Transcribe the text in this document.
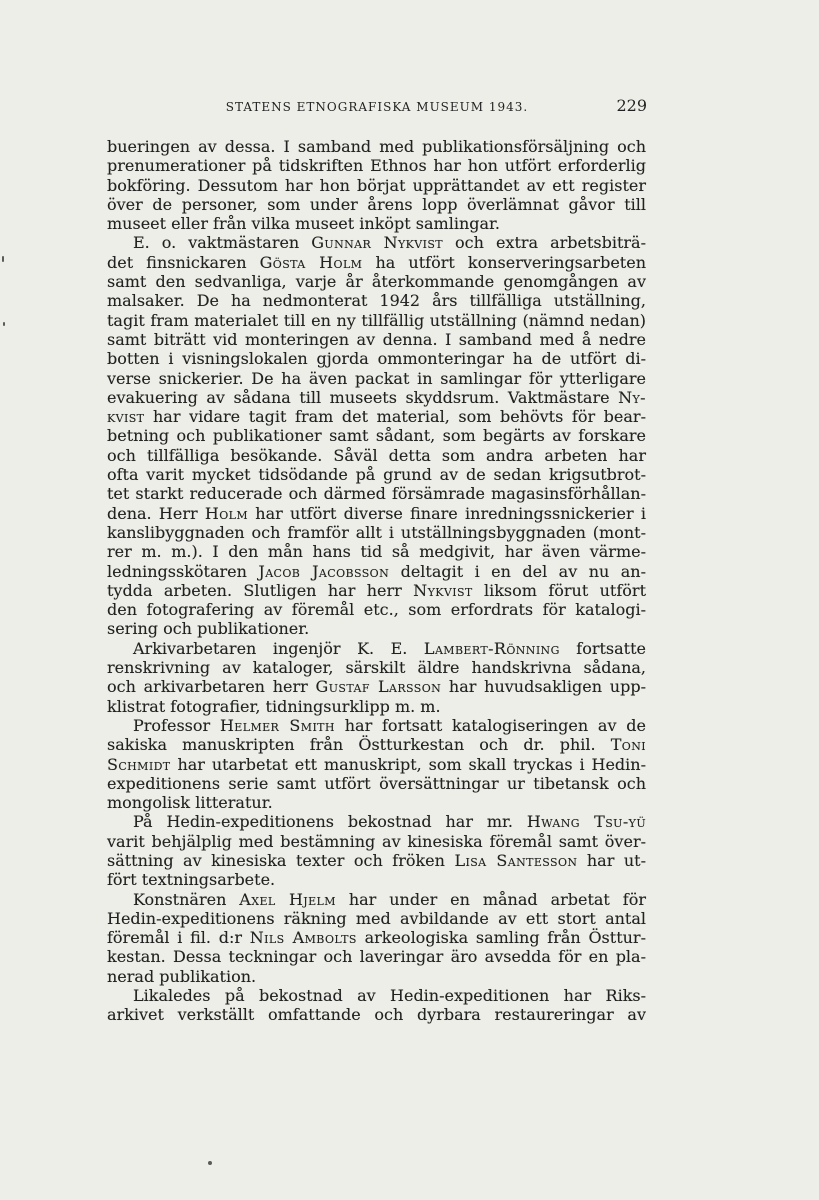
STATENS ETNOGRAFISKA MUSEUM 1943.	229
bueringen av dessa. I samband med publikationsförsäljning och
prenumerationer på tidskriften Ethnos har hon utfört erforderlig
bokföring. Dessutom har hon börjat upprättandet av ett register
över de personer, som under årens lopp överlämnat gåvor till
museet eller från vilka museet inköpt samlingar.
E. o. vaktmästaren Gunnar Nykvist och extra arbetsbiträ-
det finsnickaren Gösta Holm ha utfört konserveringsarbeten
samt den sedvanliga, varje år återkommande genomgången av
malsaker. De ha nedmonterat 1942 års tillfälliga utställning,
tagit fram materialet till en ny tillfällig utställning (nämnd nedan)
samt biträtt vid monteringen av denna. I samband med å nedre
botten i visningslokalen gjorda ommonteringar ha de utfört di-
verse snickerier. De ha även packat in samlingar för ytterligare
evakuering av sådana till museets skyddsrum. Vaktmästare Ny-
kvist har vidare tagit fram det material, som behövts för bear-
betning och publikationer samt sådant, som begärts av forskare
och tillfälliga besökande. Såväl detta som andra arbeten har
ofta varit mycket tidsödande på grund av de sedan krigsutbrot-
tet starkt reducerade och därmed försämrade magasinsförhållan-
dena. Herr Holm har utfört diverse finare inredningssnickerier i
kanslibyggnaden och framför allt i utställningsbyggnaden (mont-
rer m. m.). I den mån hans tid så medgivit, har även värme-
ledningsskötaren Jacob Jacobsson deltagit i en del av nu an-
tydda arbeten. Slutligen har herr Nykvist liksom förut utfört
den fotografering av föremål etc., som erfordrats för katalogi-
sering och publikationer.
Arkivarbetaren ingenjör K. E. Lambert-Rönning fortsatte
renskrivning av kataloger, särskilt äldre handskrivna sådana,
och arkivarbetaren herr Gustaf Larsson har huvudsakligen upp-
klistrat fotografier, tidningsurklipp m. m.
Professor Helmer Smith har fortsatt katalogiseringen av de
sakiska manuskripten från Östturkestan och dr. phil. Toni
Schmidt har utarbetat ett manuskript, som skall tryckas i Hedin-
expeditionens serie samt utfört översättningar ur tibetansk och
mongolisk litteratur.
På Hedin-expeditionens bekostnad har mr. Hwang Tsu-yü
varit behjälplig med bestämning av kinesiska föremål samt över-
sättning av kinesiska texter och fröken Lisa Santesson har ut-
fört textningsarbete.
Konstnären Axel Hjelm har under en månad arbetat för
Hedin-expeditionens räkning med avbildande av ett stort antal
föremål i fil. d:r Nils Ambolts arkeologiska samling från Östtur-
kestan. Dessa teckningar och laveringar äro avsedda för en pla-
nerad publikation.
Likaledes på bekostnad av Hedin-expeditionen har Riks-
arkivet verkställt omfattande och dyrbara restaureringar av
